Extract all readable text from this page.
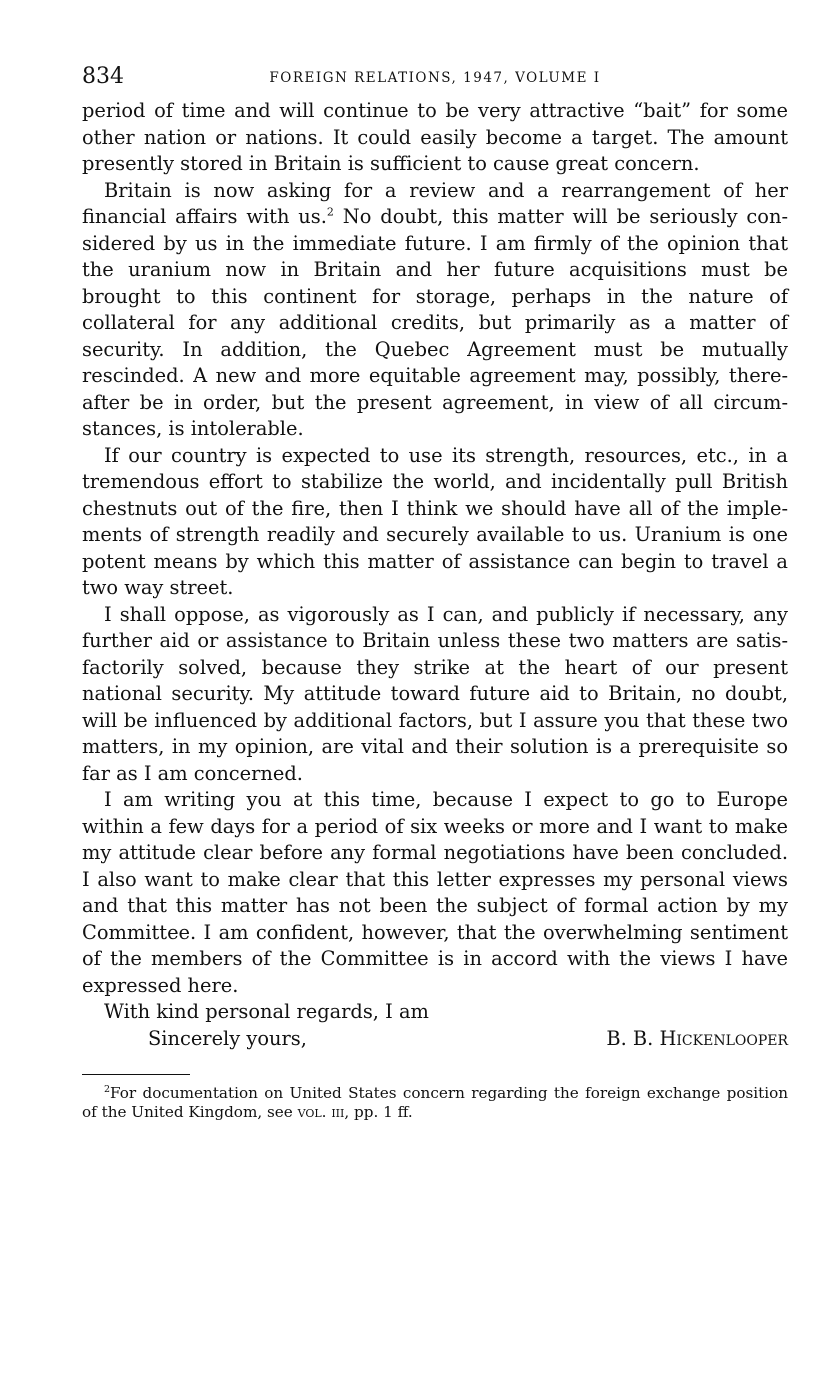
834	FOREIGN RELATIONS, 1947, VOLUME I

period of time and will continue to be very attractive “bait” for some other nation or nations. It could easily become a target. The amount presently stored in Britain is sufficient to cause great concern.

Britain is now asking for a review and a rearrangement of her financial affairs with us.$^2$ No doubt, this matter will be seriously considered by us in the immediate future. I am firmly of the opinion that the uranium now in Britain and her future acquisitions must be brought to this continent for storage, perhaps in the nature of collateral for any additional credits, but primarily as a matter of security. In addition, the Quebec Agreement must be mutually rescinded. A new and more equitable agreement may, possibly, thereafter be in order, but the present agreement, in view of all circumstances, is intolerable.

If our country is expected to use its strength, resources, etc., in a tremendous effort to stabilize the world, and incidentally pull British chestnuts out of the fire, then I think we should have all of the implements of strength readily and securely available to us. Uranium is one potent means by which this matter of assistance can begin to travel a two way street.

I shall oppose, as vigorously as I can, and publicly if necessary, any further aid or assistance to Britain unless these two matters are satisfactorily solved, because they strike at the heart of our present national security. My attitude toward future aid to Britain, no doubt, will be influenced by additional factors, but I assure you that these two matters, in my opinion, are vital and their solution is a prerequisite so far as I am concerned.

I am writing you at this time, because I expect to go to Europe within a few days for a period of six weeks or more and I want to make my attitude clear before any formal negotiations have been concluded. I also want to make clear that this letter expresses my personal views and that this matter has not been the subject of formal action by my Committee. I am confident, however, that the overwhelming sentiment of the members of the Committee is in accord with the views I have expressed here.

With kind personal regards, I am

Sincerely yours,	B. B. Hickenlooper
$^2$For documentation on United States concern regarding the foreign exchange position of the United Kingdom, see vol. iii, pp. 1 ff.
